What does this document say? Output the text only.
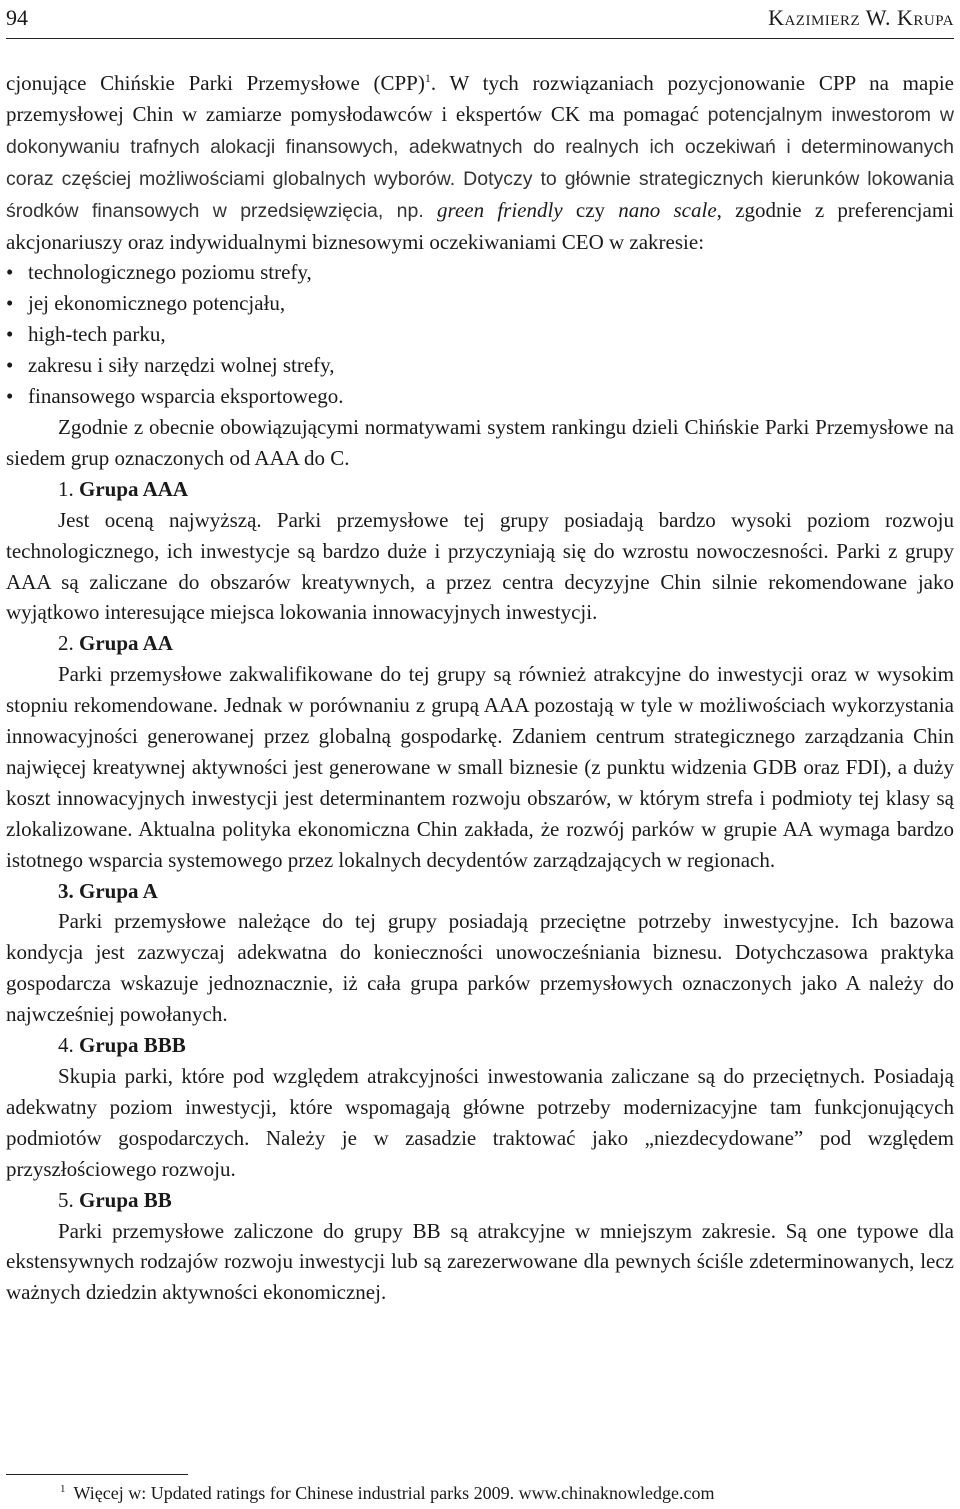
94	Kazimierz W. Krupa

cjonujące Chińskie Parki Przemysłowe (CPP)$^1$. W tych rozwiązaniach pozycjonowanie CPP na mapie przemysłowej Chin w zamiarze pomysłodawców i ekspertów CK ma pomagać potencjalnym inwestorom w dokonywaniu trafnych alokacji finansowych, adekwatnych do realnych ich oczekiwań i determinowanych coraz częściej możliwościami globalnych wyborów. Dotyczy to głównie strategicznych kierunków lokowania środków finansowych w przedsięwzięcia, np. green friendly czy nano scale, zgodnie z preferencjami akcjonariuszy oraz indywidualnymi biznesowymi oczekiwaniami CEO w zakresie:

• technologicznego poziomu strefy,
• jej ekonomicznego potencjału,
• high-tech parku,
• zakresu i siły narzędzi wolnej strefy,
• finansowego wsparcia eksportowego.

Zgodnie z obecnie obowiązującymi normatywami system rankingu dzieli Chińskie Parki Przemysłowe na siedem grup oznaczonych od AAA do C.

1. Grupa AAA

Jest oceną najwyższą. Parki przemysłowe tej grupy posiadają bardzo wysoki poziom rozwoju technologicznego, ich inwestycje są bardzo duże i przyczyniają się do wzrostu nowoczesności. Parki z grupy AAA są zaliczane do obszarów kreatywnych, a przez centra decyzyjne Chin silnie rekomendowane jako wyjątkowo interesujące miejsca lokowania innowacyjnych inwestycji.

2. Grupa AA

Parki przemysłowe zakwalifikowane do tej grupy są również atrakcyjne do inwestycji oraz w wysokim stopniu rekomendowane. Jednak w porównaniu z grupą AAA pozostają w tyle w możliwościach wykorzystania innowacyjności generowanej przez globalną gospodarkę. Zdaniem centrum strategicznego zarządzania Chin najwięcej kreatywnej aktywności jest generowane w small biznesie (z punktu widzenia GDB oraz FDI), a duży koszt innowacyjnych inwestycji jest determinantem rozwoju obszarów, w którym strefa i podmioty tej klasy są zlokalizowane. Aktualna polityka ekonomiczna Chin zakłada, że rozwój parków w grupie AA wymaga bardzo istotnego wsparcia systemowego przez lokalnych decydentów zarządzających w regionach.

3. Grupa A

Parki przemysłowe należące do tej grupy posiadają przeciętne potrzeby inwestycyjne. Ich bazowa kondycja jest zazwyczaj adekwatna do konieczności unowocześniania biznesu. Dotychczasowa praktyka gospodarcza wskazuje jednoznacznie, iż cała grupa parków przemysłowych oznaczonych jako A należy do najwcześniej powołanych.

4. Grupa BBB

Skupia parki, które pod względem atrakcyjności inwestowania zaliczane są do przeciętnych. Posiadają adekwatny poziom inwestycji, które wspomagają główne potrzeby modernizacyjne tam funkcjonujących podmiotów gospodarczych. Należy je w zasadzie traktować jako „niezdecydowane” pod względem przyszłościowego rozwoju.

5. Grupa BB

Parki przemysłowe zaliczone do grupy BB są atrakcyjne w mniejszym zakresie. Są one typowe dla ekstensywnych rodzajów rozwoju inwestycji lub są zarezerwowane dla pewnych ściśle zdeterminowanych, lecz ważnych dziedzin aktywności ekonomicznej.

$^1$ Więcej w: Updated ratings for Chinese industrial parks 2009. www.chinaknowledge.com
